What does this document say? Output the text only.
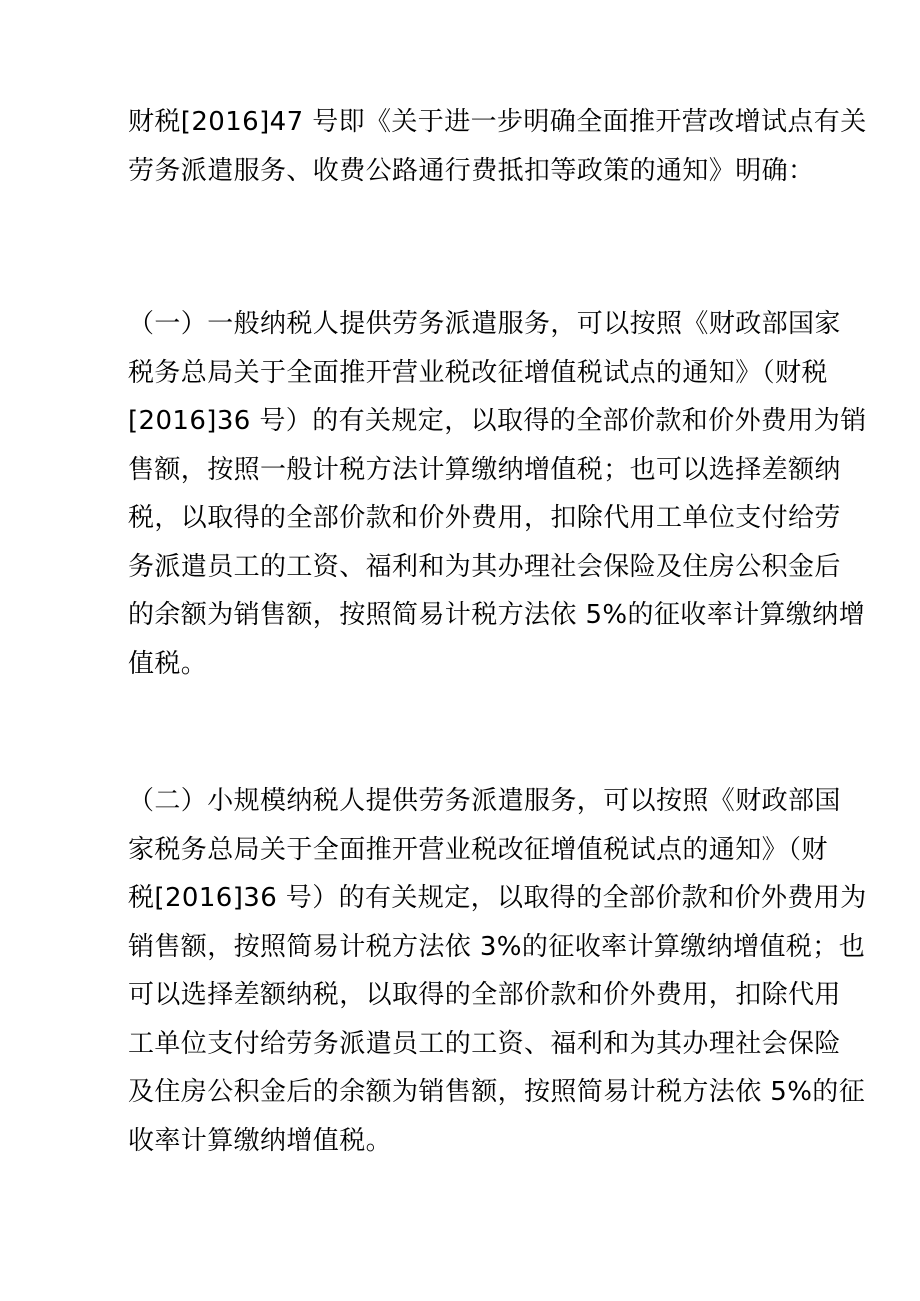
财税[2016]47 号即《关于进一步明确全面推开营改增试点有关
劳务派遣服务、收费公路通行费抵扣等政策的通知》明确：

（一）一般纳税人提供劳务派遣服务，可以按照《财政部国家
税务总局关于全面推开营业税改征增值税试点的通知》（财税
[2016]36 号）的有关规定，以取得的全部价款和价外费用为销
售额，按照一般计税方法计算缴纳增值税；也可以选择差额纳
税，以取得的全部价款和价外费用，扣除代用工单位支付给劳
务派遣员工的工资、福利和为其办理社会保险及住房公积金后
的余额为销售额，按照简易计税方法依 5%的征收率计算缴纳增
值税。

（二）小规模纳税人提供劳务派遣服务，可以按照《财政部国
家税务总局关于全面推开营业税改征增值税试点的通知》（财
税[2016]36 号）的有关规定，以取得的全部价款和价外费用为
销售额，按照简易计税方法依 3%的征收率计算缴纳增值税；也
可以选择差额纳税，以取得的全部价款和价外费用，扣除代用
工单位支付给劳务派遣员工的工资、福利和为其办理社会保险
及住房公积金后的余额为销售额，按照简易计税方法依 5%的征
收率计算缴纳增值税。
